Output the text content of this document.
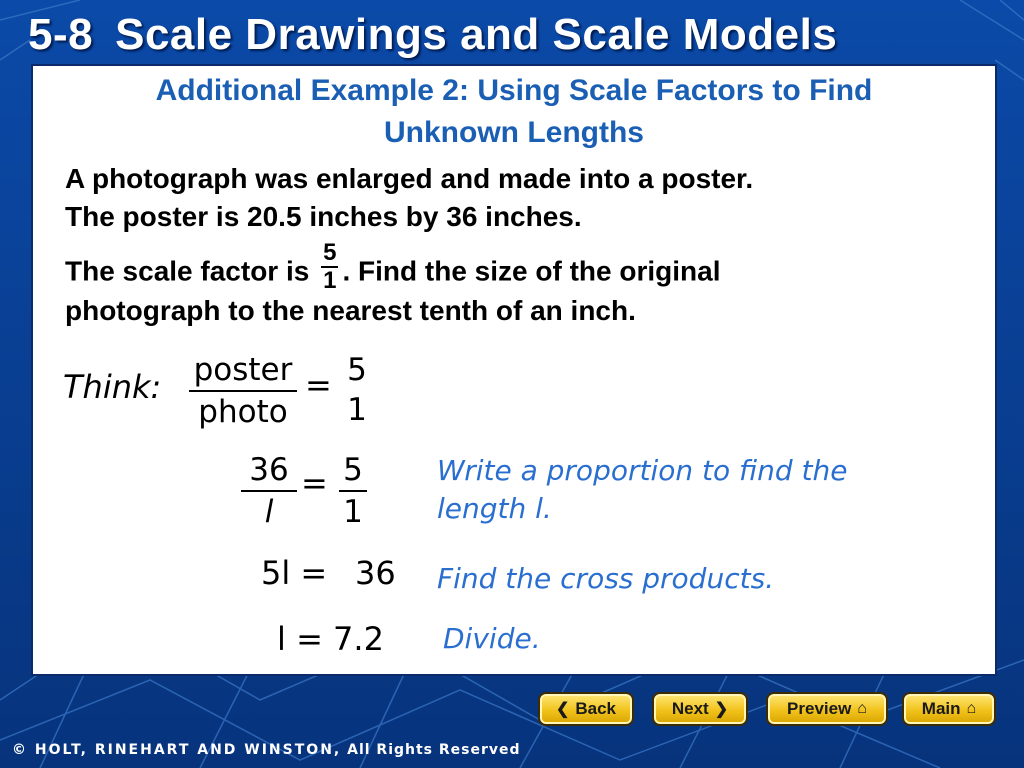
5-8 Scale Drawings and Scale Models
Additional Example 2: Using Scale Factors to Find
Unknown Lengths
A photograph was enlarged and made into a poster.
The poster is 20.5 inches by 36 inches.
The scale factor is $\frac{5}{1}$ . Find the size of the original
photograph to the nearest tenth of an inch.
Think: poster
photo
= 5
1
$\frac{36}{l} = \frac{5}{1}$	Write a proportion to find the
length l.
5l = 36 Find the cross products.
l = 7.2 Divide.
❮ Back	Next ❯	Preview ⌂	Main ⌂
© HOLT, RINEHART AND WINSTON, All Rights Reserved
